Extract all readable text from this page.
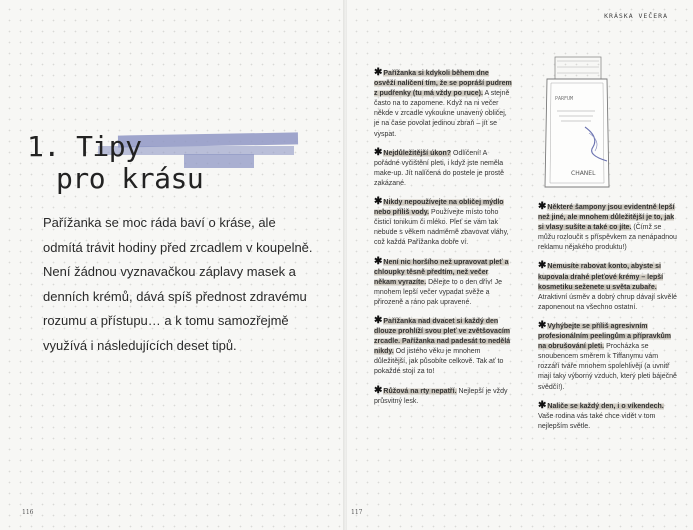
1. Tipy
pro krásu
Pařížanka se moc ráda baví o kráse, ale odmítá trávit hodiny před zrcadlem v koupelně. Není žádnou vyznavačkou záplavy masek a denních krémů, dává spíš přednost zdravému rozumu a přístupu… a k tomu samozřejmě využívá i následujících deset tipů.
116
KRÁSKA VEČERA
117
PARFUM
CHANEL
✱Pařížanka si kdykoli během dne osvěží nalíčení tím, že se popráší pudrem z pudřenky (tu má vždy po ruce). A stejně často na to zapomene. Když na ni večer někde v zrcadle vykoukne unavený obličej, je na čase povolat jedinou zbraň – jít se vyspat.
✱Nejdůležitější úkon? Odlíčení! A pořádné vyčištění pleti, i když jste neměla make-up. Jít nalíčená do postele je prostě zakázané.
✱Nikdy nepoužívejte na obličej mýdlo nebo příliš vody. Používejte místo toho čisticí tonikum či mléko. Pleť se vám tak nebude s věkem nadměrně zbavovat vláhy, což každá Pařížanka dobře ví.
✱Není nic horšího než upravovat pleť a chloupky těsně předtím, než večer někam vyrazíte. Dělejte to o den dřív! Je mnohem lepší večer vypadat svěže a přirozeně a ráno pak upravené.
✱Pařížanka nad dvacet si každý den dlouze prohlíží svou pleť ve zvětšovacím zrcadle. Pařížanka nad padesát to nedělá nikdy. Od jistého věku je mnohem důležitější, jak působíte celkově. Tak ať to pokaždé stojí za to!
✱Růžová na rty nepatří. Nejlepší je vždy průsvitný lesk.
✱Některé šampony jsou evidentně lepší než jiné, ale mnohem důležitější je to, jak si vlasy sušíte a také co jíte. (Čímž se můžu rozloučit s příspěvkem za nenápadnou reklamu nějakého produktu!)
✱Nemusíte rabovat konto, abyste si kupovala drahé pleťové krémy – lepší kosmetiku seženete u světa zubaře. Atraktivní úsměv a dobrý chrup dávají skvělé zaponenout na všechno ostatní.
✱Vyhýbejte se příliš agresivním profesionálním peelingům a přípravkům na obrušování pleti. Procházka se snoubencem směrem k Tiffanymu vám rozzáří tváře mnohem spolehlivěji (a uvnitř mají taky výborný vzduch, který pleti báječně svědčí!).
✱Naliče se každý den, i o víkendech. Vaše rodina vás také chce vidět v tom nejlepším světle.
